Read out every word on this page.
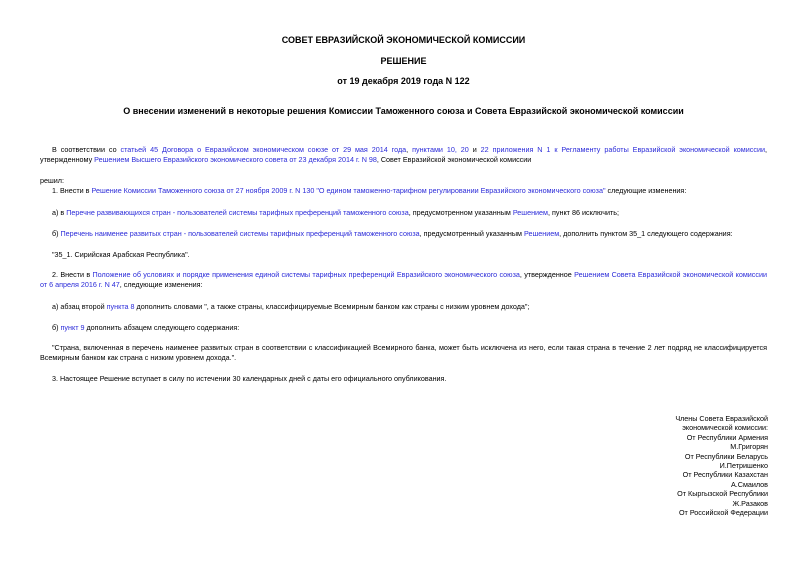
СОВЕТ ЕВРАЗИЙСКОЙ ЭКОНОМИЧЕСКОЙ КОМИССИИ
РЕШЕНИЕ
от 19 декабря 2019 года N 122
О внесении изменений в некоторые решения Комиссии Таможенного союза и Совета Евразийской экономической комиссии
В соответствии со статьей 45 Договора о Евразийском экономическом союзе от 29 мая 2014 года, пунктами 10, 20 и 22 приложения N 1 к Регламенту работы Евразийской экономической комиссии, утвержденному Решением Высшего Евразийского экономического совета от 23 декабря 2014 г. N 98, Совет Евразийской экономической комиссии
решил:
1. Внести в Решение Комиссии Таможенного союза от 27 ноября 2009 г. N 130 "О едином таможенно-тарифном регулировании Евразийского экономического союза" следующие изменения:
а) в Перечне развивающихся стран - пользователей системы тарифных преференций таможенного союза, предусмотренном указанным Решением, пункт 86 исключить;
б) Перечень наименее развитых стран - пользователей системы тарифных преференций таможенного союза, предусмотренный указанным Решением, дополнить пунктом 35_1 следующего содержания:
"35_1. Сирийская Арабская Республика".
2. Внести в Положение об условиях и порядке применения единой системы тарифных преференций Евразийского экономического союза, утвержденное Решением Совета Евразийской экономической комиссии от 6 апреля 2016 г. N 47, следующие изменения:
а) абзац второй пункта 8 дополнить словами ", а также страны, классифицируемые Всемирным банком как страны с низким уровнем дохода";
б) пункт 9 дополнить абзацем следующего содержания:
"Страна, включенная в перечень наименее развитых стран в соответствии с классификацией Всемирного банка, может быть исключена из него, если такая страна в течение 2 лет подряд не классифицируется Всемирным банком как страна с низким уровнем дохода.".
3. Настоящее Решение вступает в силу по истечении 30 календарных дней с даты его официального опубликования.
Члены Совета Евразийской
экономической комиссии:
От Республики Армения
М.Григорян
От Республики Беларусь
И.Петришенко
От Республики Казахстан
А.Смаилов
От Кыргызской Республики
Ж.Разаков
От Российской Федерации
